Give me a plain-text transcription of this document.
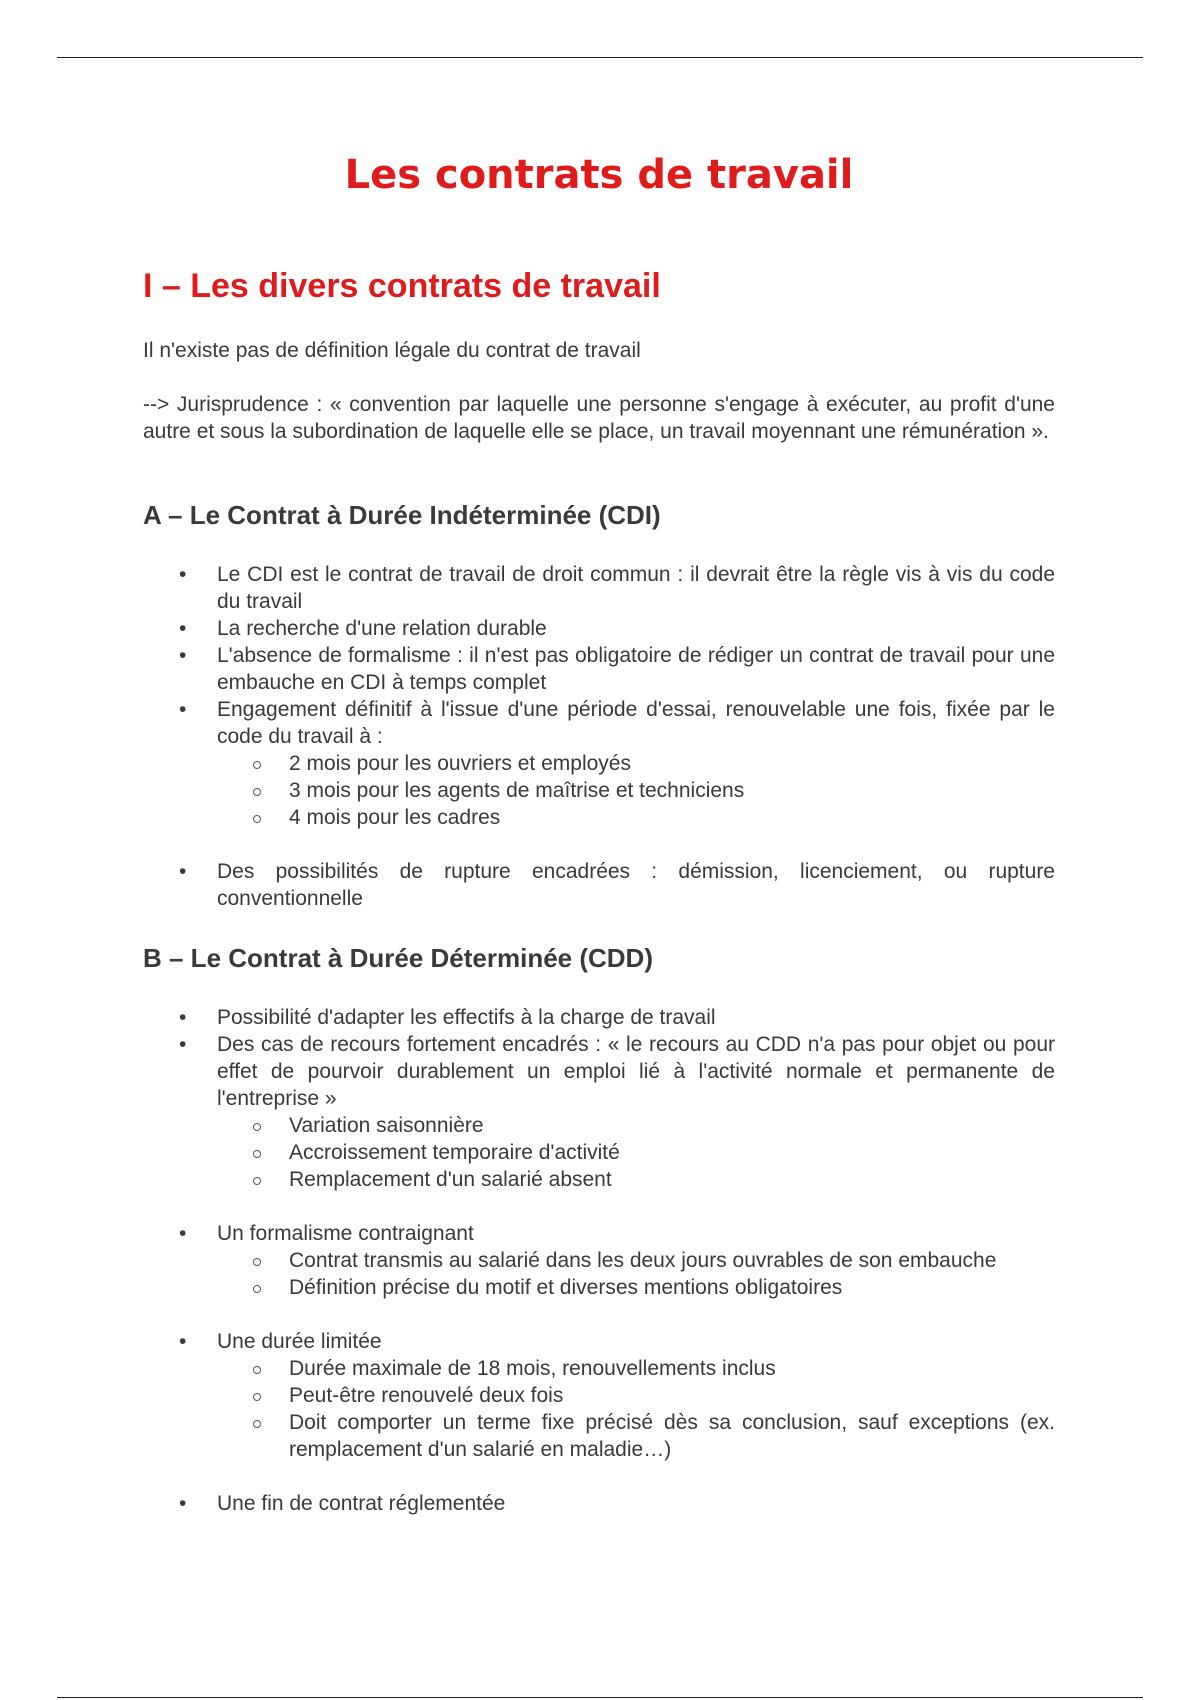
Les contrats de travail
I – Les divers contrats de travail

Il n'existe pas de définition légale du contrat de travail

--> Jurisprudence : « convention par laquelle une personne s'engage à exécuter, au profit d'une autre et sous la subordination de laquelle elle se place, un travail moyennant une rémunération ».

A – Le Contrat à Durée Indéterminée (CDI)
• Le CDI est le contrat de travail de droit commun : il devrait être la règle vis à vis du code du travail
• La recherche d'une relation durable
• L'absence de formalisme : il n'est pas obligatoire de rédiger un contrat de travail pour une embauche en CDI à temps complet
• Engagement définitif à l'issue d'une période d'essai, renouvelable une fois, fixée par le code du travail à :
2 mois pour les ouvriers et employés
3 mois pour les agents de maîtrise et techniciens
4 mois pour les cadres
• Des possibilités de rupture encadrées : démission, licenciement, ou rupture conventionnelle
B – Le Contrat à Durée Déterminée (CDD)
• Possibilité d'adapter les effectifs à la charge de travail
• Des cas de recours fortement encadrés : « le recours au CDD n'a pas pour objet ou pour effet de pourvoir durablement un emploi lié à l'activité normale et permanente de l'entreprise »
Variation saisonnière
Accroissement temporaire d'activité
Remplacement d'un salarié absent
• Un formalisme contraignant
Contrat transmis au salarié dans les deux jours ouvrables de son embauche
Définition précise du motif et diverses mentions obligatoires
• Une durée limitée
Durée maximale de 18 mois, renouvellements inclus
Peut-être renouvelé deux fois
Doit comporter un terme fixe précisé dès sa conclusion, sauf exceptions (ex. remplacement d'un salarié en maladie…)
• Une fin de contrat réglementée
